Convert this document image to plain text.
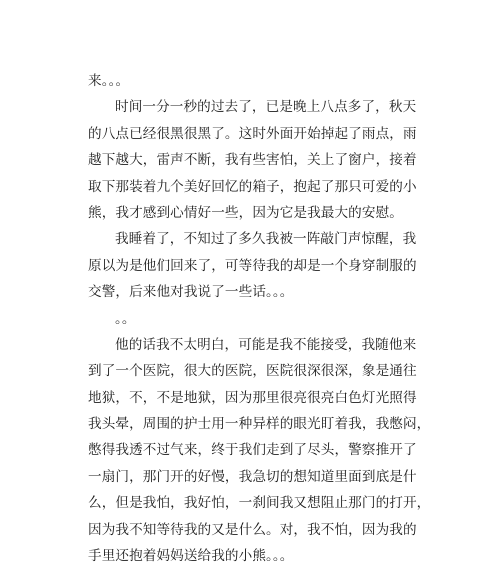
来。。。
时间一分一秒的过去了，已是晚上八点多了，秋天
的八点已经很黑很黑了。这时外面开始掉起了雨点，雨
越下越大，雷声不断，我有些害怕，关上了窗户，接着
取下那装着九个美好回忆的箱子，抱起了那只可爱的小
熊，我才感到心情好一些，因为它是我最大的安慰。
我睡着了，不知过了多久我被一阵敲门声惊醒，我
原以为是他们回来了，可等待我的却是一个身穿制服的
交警，后来他对我说了一些话。。。
。。
他的话我不太明白，可能是我不能接受，我随他来
到了一个医院，很大的医院，医院很深很深，象是通往
地狱，不，不是地狱，因为那里很亮很亮白色灯光照得
我头晕，周围的护士用一种异样的眼光盯着我，我憋闷，
憋得我透不过气来，终于我们走到了尽头，警察推开了
一扇门，那门开的好慢，我急切的想知道里面到底是什
么，但是我怕，我好怕，一刹间我又想阻止那门的打开，
因为我不知等待我的又是什么。对，我不怕，因为我的
手里还抱着妈妈送给我的小熊。。。
